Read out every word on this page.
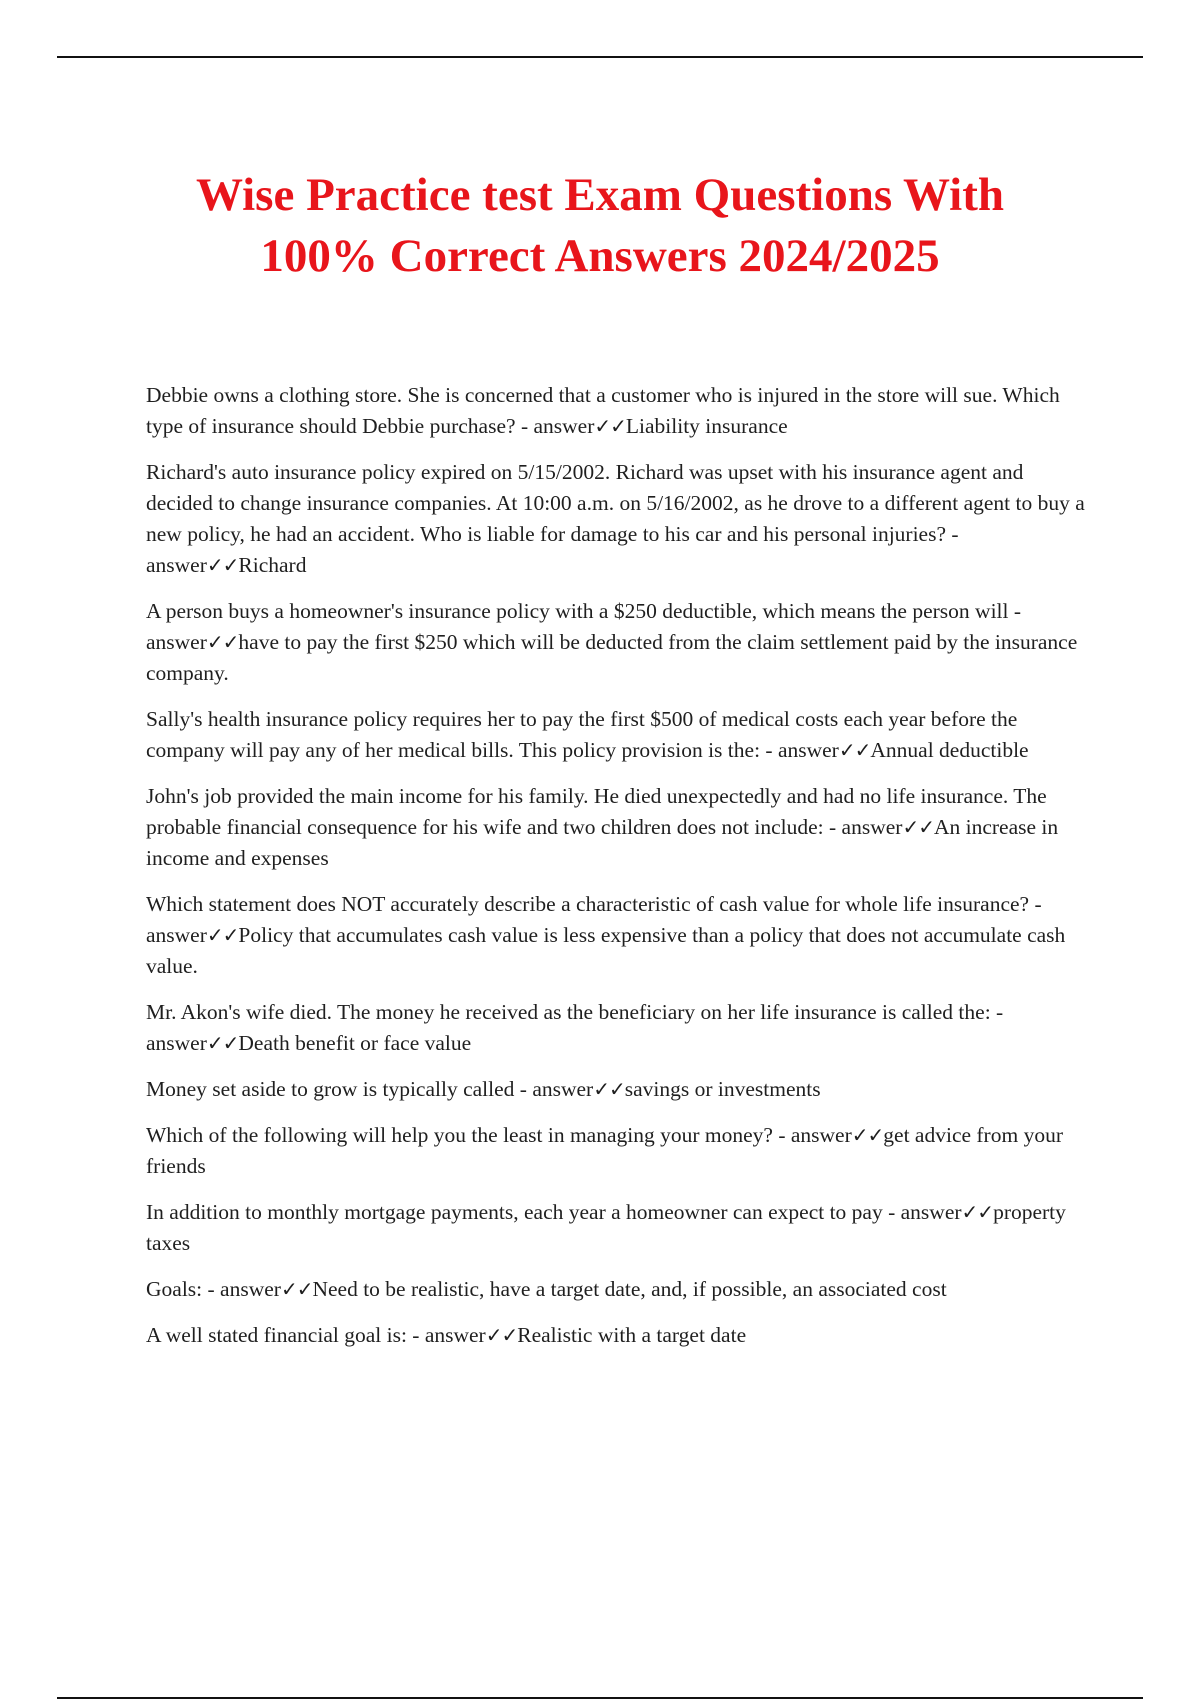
Wise Practice test Exam Questions With
100% Correct Answers 2024/2025

Debbie owns a clothing store. She is concerned that a customer who is injured in the store will sue. Which type of insurance should Debbie purchase? - answer✓✓Liability insurance

Richard's auto insurance policy expired on 5/15/2002. Richard was upset with his insurance agent and decided to change insurance companies. At 10:00 a.m. on 5/16/2002, as he drove to a different agent to buy a new policy, he had an accident. Who is liable for damage to his car and his personal injuries? - answer✓✓Richard

A person buys a homeowner's insurance policy with a $250 deductible, which means the person will - answer✓✓have to pay the first $250 which will be deducted from the claim settlement paid by the insurance company.

Sally's health insurance policy requires her to pay the first $500 of medical costs each year before the company will pay any of her medical bills. This policy provision is the: - answer✓✓Annual deductible

John's job provided the main income for his family. He died unexpectedly and had no life insurance. The probable financial consequence for his wife and two children does not include: - answer✓✓An increase in income and expenses

Which statement does NOT accurately describe a characteristic of cash value for whole life insurance? - answer✓✓Policy that accumulates cash value is less expensive than a policy that does not accumulate cash value.

Mr. Akon's wife died. The money he received as the beneficiary on her life insurance is called the: - answer✓✓Death benefit or face value

Money set aside to grow is typically called - answer✓✓savings or investments

Which of the following will help you the least in managing your money? - answer✓✓get advice from your friends

In addition to monthly mortgage payments, each year a homeowner can expect to pay - answer✓✓property taxes

Goals: - answer✓✓Need to be realistic, have a target date, and, if possible, an associated cost

A well stated financial goal is: - answer✓✓Realistic with a target date
